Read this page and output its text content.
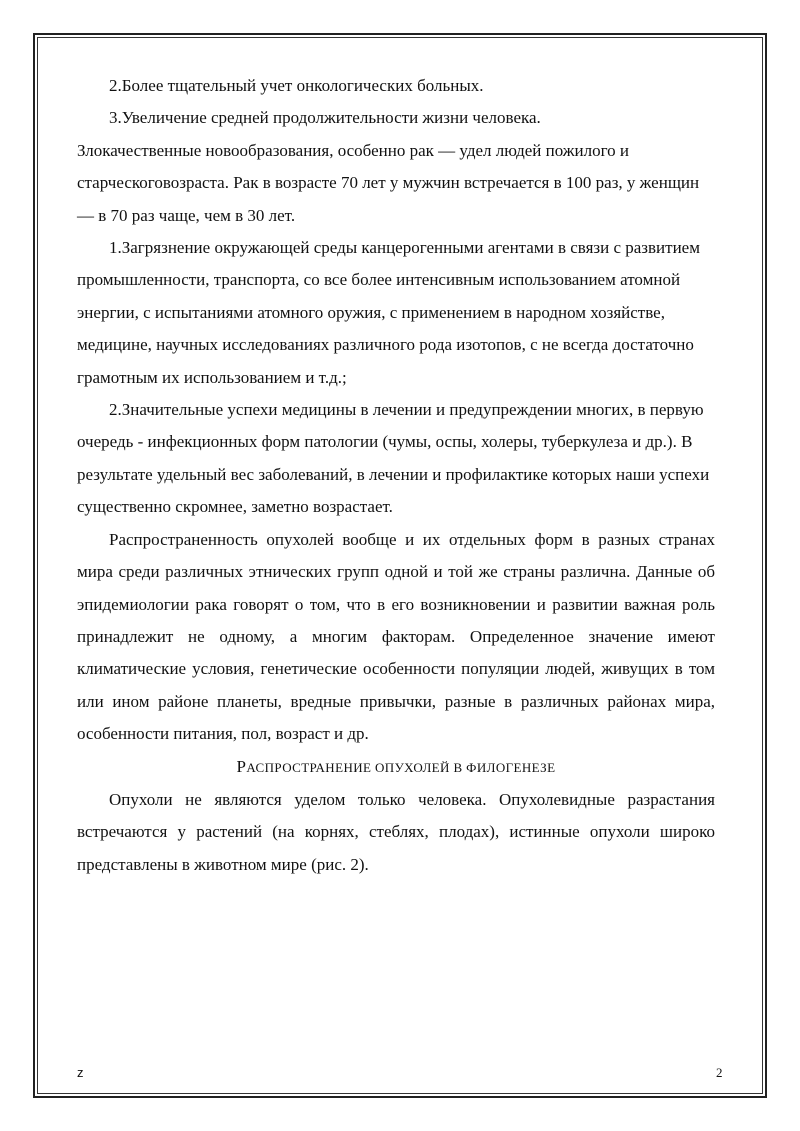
2.Более тщательный учет онкологических больных.

3.Увеличение средней продолжительности жизни человека.

Злокачественные новообразования, особенно рак — удел людей пожилого и старческоговозраста. Рак в возрасте 70 лет у мужчин встречается в 100 раз, у женщин — в 70 раз чаще, чем в 30 лет.

1.Загрязнение окружающей среды канцерогенными агентами в связи с развитием промышленности, транспорта, со все более интенсивным использованием атомной энергии, с испытаниями атомного оружия, с применением в народном хозяйстве, медицине, научных исследованиях различного рода изотопов, с не всегда достаточно грамотным их использованием и т.д.;

2.Значительные успехи медицины в лечении и предупреждении многих, в первую очередь - инфекционных форм патологии (чумы, оспы, холеры, туберкулеза и др.). В результате удельный вес заболеваний, в лечении и профилактике которых наши успехи существенно скромнее, заметно возрастает.

Распространенность опухолей вообще и их отдельных форм в разных странах мира среди различных этнических групп одной и той же страны различна. Данные об эпидемиологии рака говорят о том, что в его возникновении и развитии важная роль принадлежит не одному, а многим факторам. Определенное значение имеют климатические условия, генетические особенности популяции людей, живущих в том или ином районе планеты, вредные привычки, разные в различных районах мира, особенности питания, пол, возраст и др.

РАСПРОСТРАНЕНИЕ ОПУХОЛЕЙ В ФИЛОГЕНЕЗЕ

Опухоли не являются уделом только человека. Опухолевидные разрастания встречаются у растений (на корнях, стеблях, плодах), истинные опухоли широко представлены в животном мире (рис. 2).

z	2
